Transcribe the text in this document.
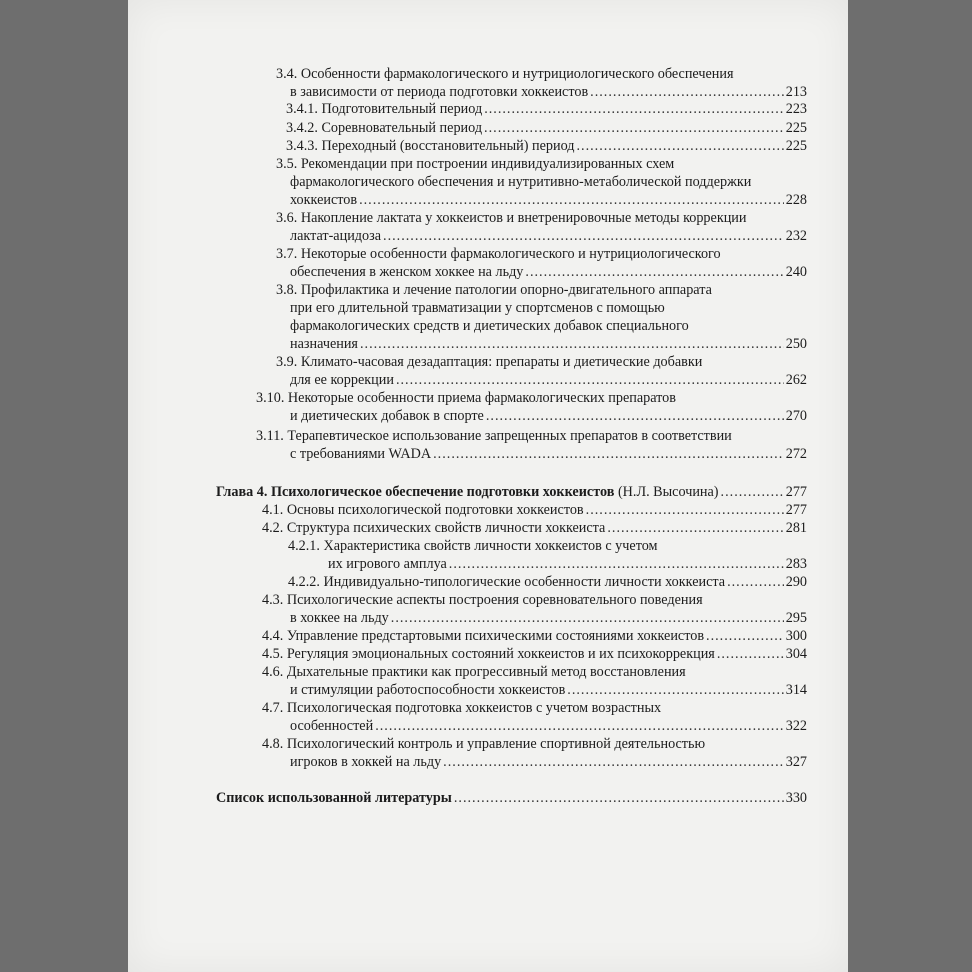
3.4. Особенности фармакологического и нутрициологического обеспечения
в зависимости от периода подготовки хоккеистов .....	213
3.4.1.
Подготовительный период .....	223
3.4.2.
Соревновательный период .....	225
3.4.3.
Переходный (восстановительный) период .....	225
3.5. Рекомендации при построении индивидуализированных схем
фармакологического обеспечения и нутритивно-метаболической поддержки
хоккеистов .....	228
3.6. Накопление лактата у хоккеистов и внетренировочные методы коррекции
лактат-ацидоза .....	232
3.7. Некоторые особенности фармакологического и нутрициологического
обеспечения в женском хоккее на льду .....	240
3.8. Профилактика и лечение патологии опорно-двигательного аппарата
при его длительной травматизации у спортсменов с помощью
фармакологических средств и диетических добавок специального
назначения .....	250
3.9. Климато-часовая дезадаптация: препараты и диетические добавки
для ее коррекции .....	262
3.10. Некоторые особенности приема фармакологических препаратов
и диетических добавок в спорте .....	270
3.11. Терапевтическое использование запрещенных препаратов в соответствии
с требованиями WADA .....	272
Глава 4. Психологическое обеспечение подготовки хоккеистов
(Н.Л. Высочина) .....	277
4.1.
Основы психологической подготовки хоккеистов .....	277
4.2.
Структура психических свойств личности хоккеиста .....	281
4.2.1. Характеристика свойств личности хоккеистов с учетом
их игрового амплуа .....	283
4.2.2.
Индивидуально-типологические особенности личности хоккеиста .....	290
4.3. Психологические аспекты построения соревновательного поведения
в хоккее на льду .....	295
4.4.
Управление предстартовыми психическими состояниями хоккеистов .....	300
4.5.
Регуляция эмоциональных состояний хоккеистов и их психокоррекция .....	304
4.6. Дыхательные практики как прогрессивный метод восстановления
и стимуляции работоспособности хоккеистов .....	314
4.7. Психологическая подготовка хоккеистов с учетом возрастных
особенностей .....	322
4.8. Психологический контроль и управление спортивной деятельностью
игроков в хоккей на льду .....	327
Список использованной литературы .....	330
